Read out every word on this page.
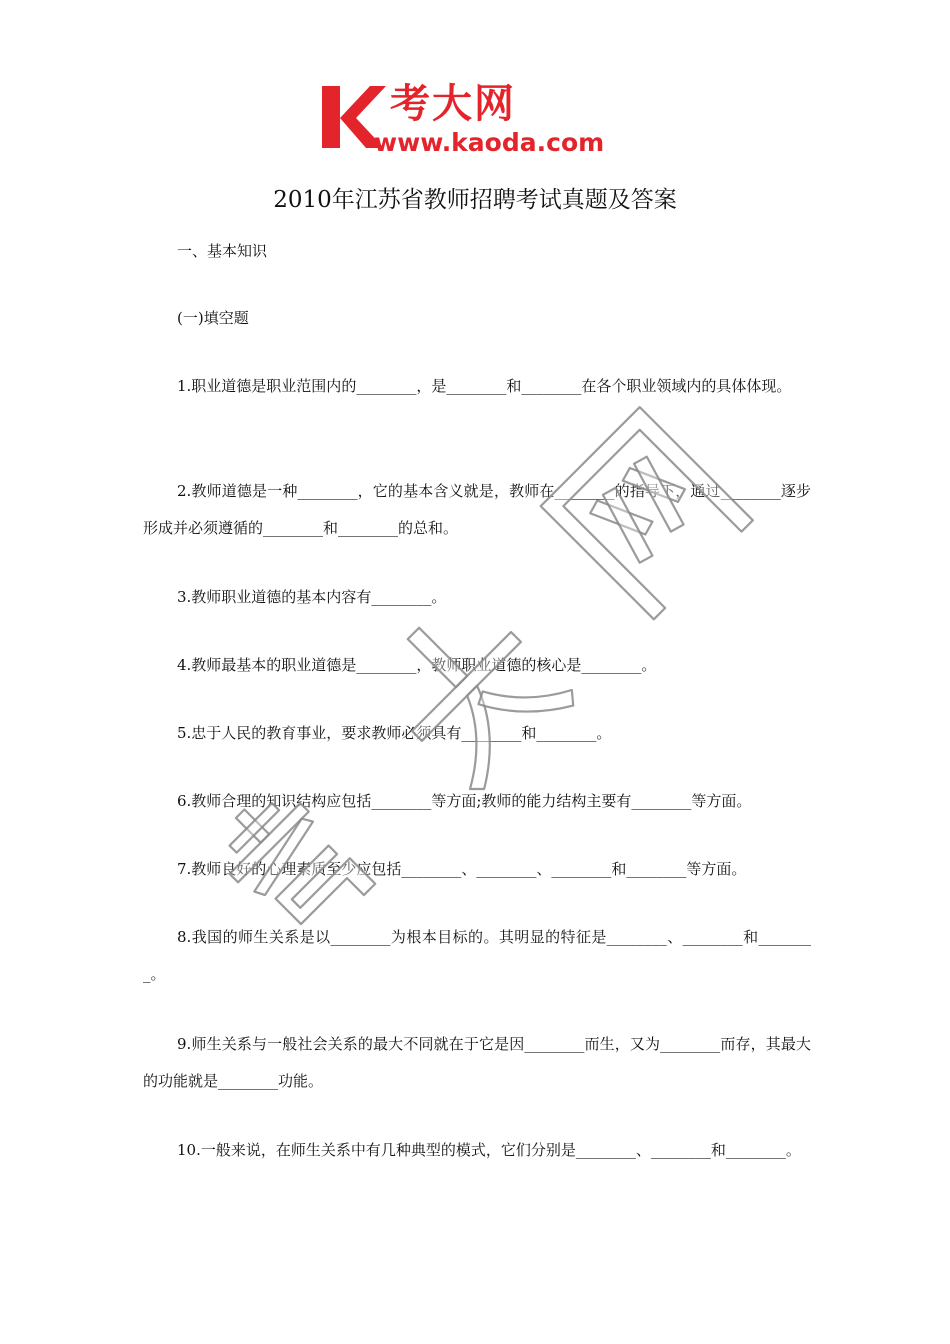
考大网
www.kaoda.com
2010年江苏省教师招聘考试真题及答案
一、基本知识
(一)填空题
1.职业道德是职业范围内的________，是________和________在各个职业领域内的具体体现。
2.教师道德是一种________，它的基本含义就是，教师在________的指导下，通过________逐步形成并必须遵循的________和________的总和。
3.教师职业道德的基本内容有________。
4.教师最基本的职业道德是________，教师职业道德的核心是________。
5.忠于人民的教育事业，要求教师必须具有________和________。
6.教师合理的知识结构应包括________等方面;教师的能力结构主要有________等方面。
7.教师良好的心理素质至少应包括________、________、________和________等方面。
8.我国的师生关系是以________为根本目标的。其明显的特征是________、________和________。
9.师生关系与一般社会关系的最大不同就在于它是因________而生，又为________而存，其最大的功能就是________功能。
10.一般来说，在师生关系中有几种典型的模式，它们分别是________、________和________。
